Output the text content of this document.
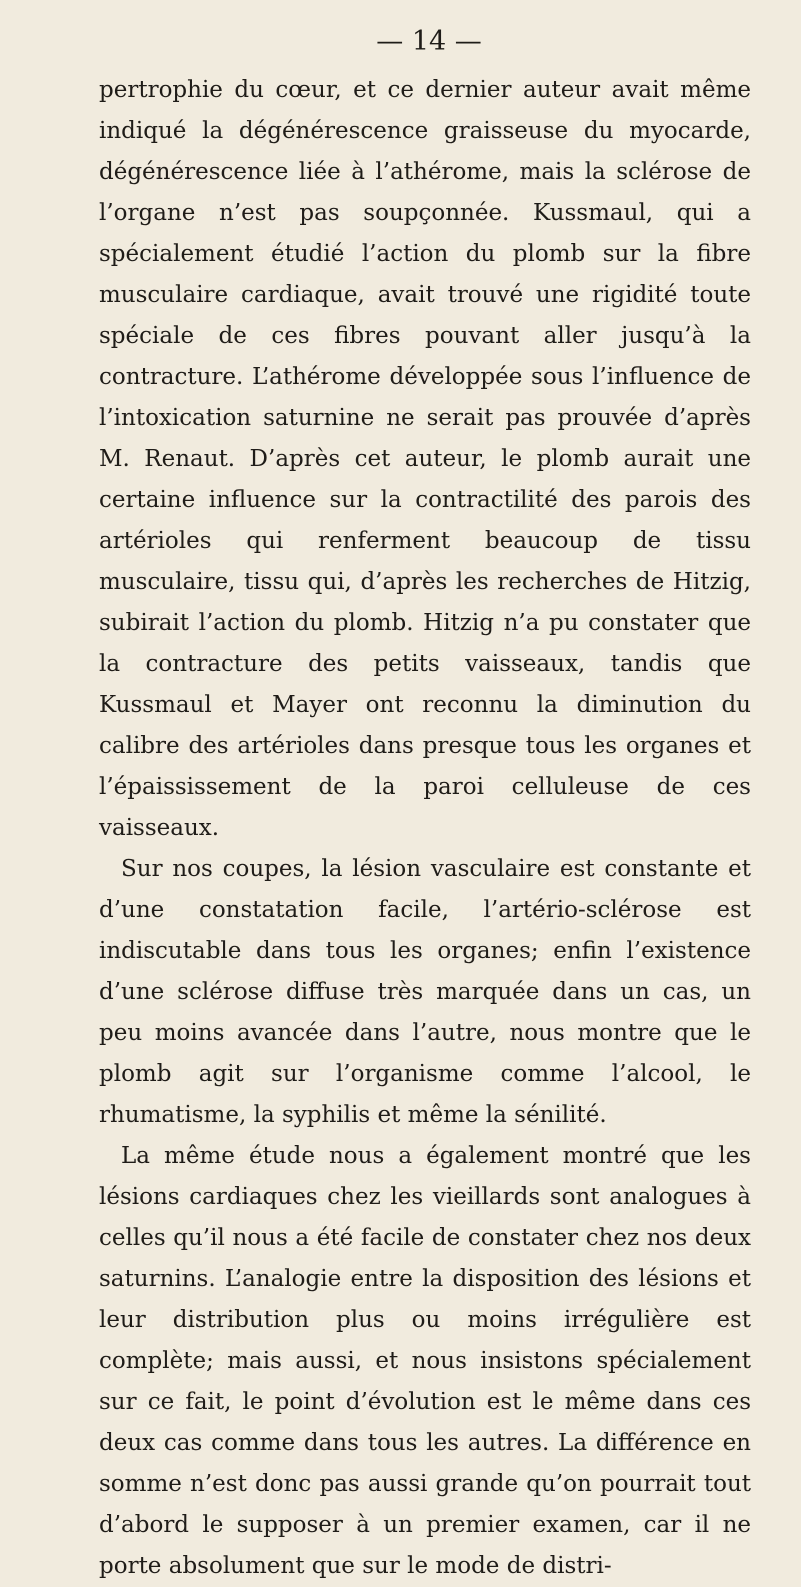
— 14 —

pertrophie du cœur, et ce dernier auteur avait même indiqué la dégénérescence graisseuse du myocarde, dégénérescence liée à l’athérome, mais la sclérose de l’organe n’est pas soupçonnée. Kussmaul, qui a spécialement étudié l’action du plomb sur la fibre musculaire cardiaque, avait trouvé une rigidité toute spéciale de ces fibres pouvant aller jusqu’à la contracture. L’athérome développée sous l’influence de l’intoxication saturnine ne serait pas prouvée d’après M. Renaut. D’après cet auteur, le plomb aurait une certaine influence sur la contractilité des parois des artérioles qui renferment beaucoup de tissu musculaire, tissu qui, d’après les recherches de Hitzig, subirait l’action du plomb. Hitzig n’a pu constater que la contracture des petits vaisseaux, tandis que Kussmaul et Mayer ont reconnu la diminution du calibre des artérioles dans presque tous les organes et l’épaississement de la paroi celluleuse de ces vaisseaux.

Sur nos coupes, la lésion vasculaire est constante et d’une constatation facile, l’artério-sclérose est indiscutable dans tous les organes; enfin l’existence d’une sclérose diffuse très marquée dans un cas, un peu moins avancée dans l’autre, nous montre que le plomb agit sur l’organisme comme l’alcool, le rhumatisme, la syphilis et même la sénilité.

La même étude nous a également montré que les lésions cardiaques chez les vieillards sont analogues à celles qu’il nous a été facile de constater chez nos deux saturnins. L’analogie entre la disposition des lésions et leur distribution plus ou moins irrégulière est complète; mais aussi, et nous insistons spécialement sur ce fait, le point d’évolution est le même dans ces deux cas comme dans tous les autres. La différence en somme n’est donc pas aussi grande qu’on pourrait tout d’abord le supposer à un premier examen, car il ne porte absolument que sur le mode de distri-
